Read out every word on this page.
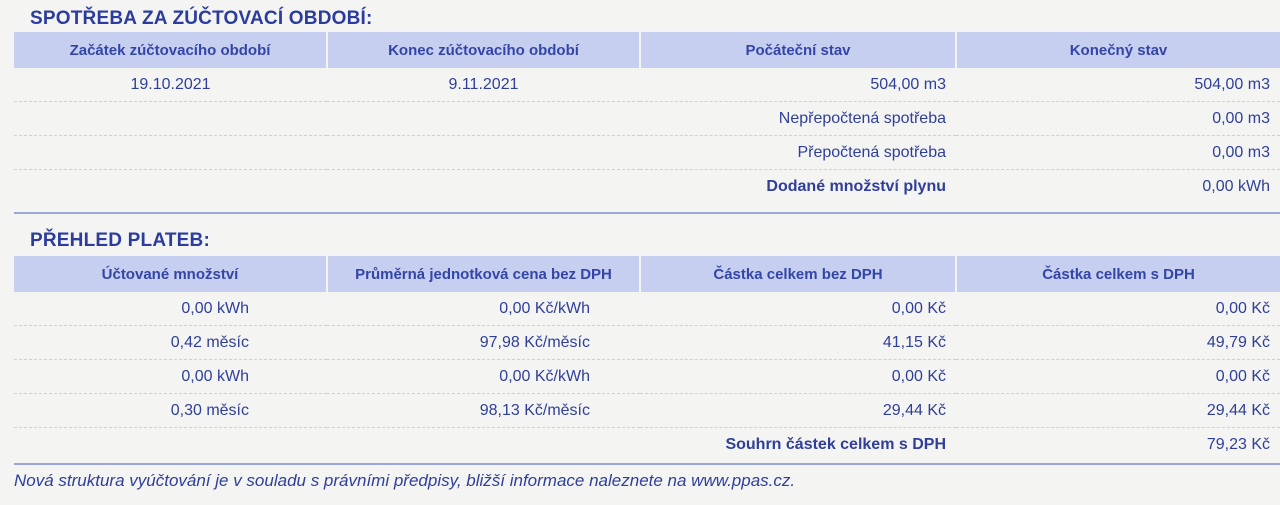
SPOTŘEBA ZA ZÚČTOVACÍ OBDOBÍ:
Začátek zúčtovacího období	Konec zúčtovacího období	Počáteční stav	Konečný stav
19.10.2021	9.11.2021	504,00 m3	504,00 m3
		Nepřepočtená spotřeba	0,00 m3
		Přepočtená spotřeba	0,00 m3
		Dodané množství plynu	0,00 kWh
PŘEHLED PLATEB:
Účtované množství	Průměrná jednotková cena bez DPH	Částka celkem bez DPH	Částka celkem s DPH
0,00 kWh	0,00 Kč/kWh	0,00 Kč	0,00 Kč
0,42 měsíc	97,98 Kč/měsíc	41,15 Kč	49,79 Kč
0,00 kWh	0,00 Kč/kWh	0,00 Kč	0,00 Kč
0,30 měsíc	98,13 Kč/měsíc	29,44 Kč	29,44 Kč
		Souhrn částek celkem s DPH	79,23 Kč
Nová struktura vyúčtování je v souladu s právními předpisy, bližší informace naleznete na www.ppas.cz.
